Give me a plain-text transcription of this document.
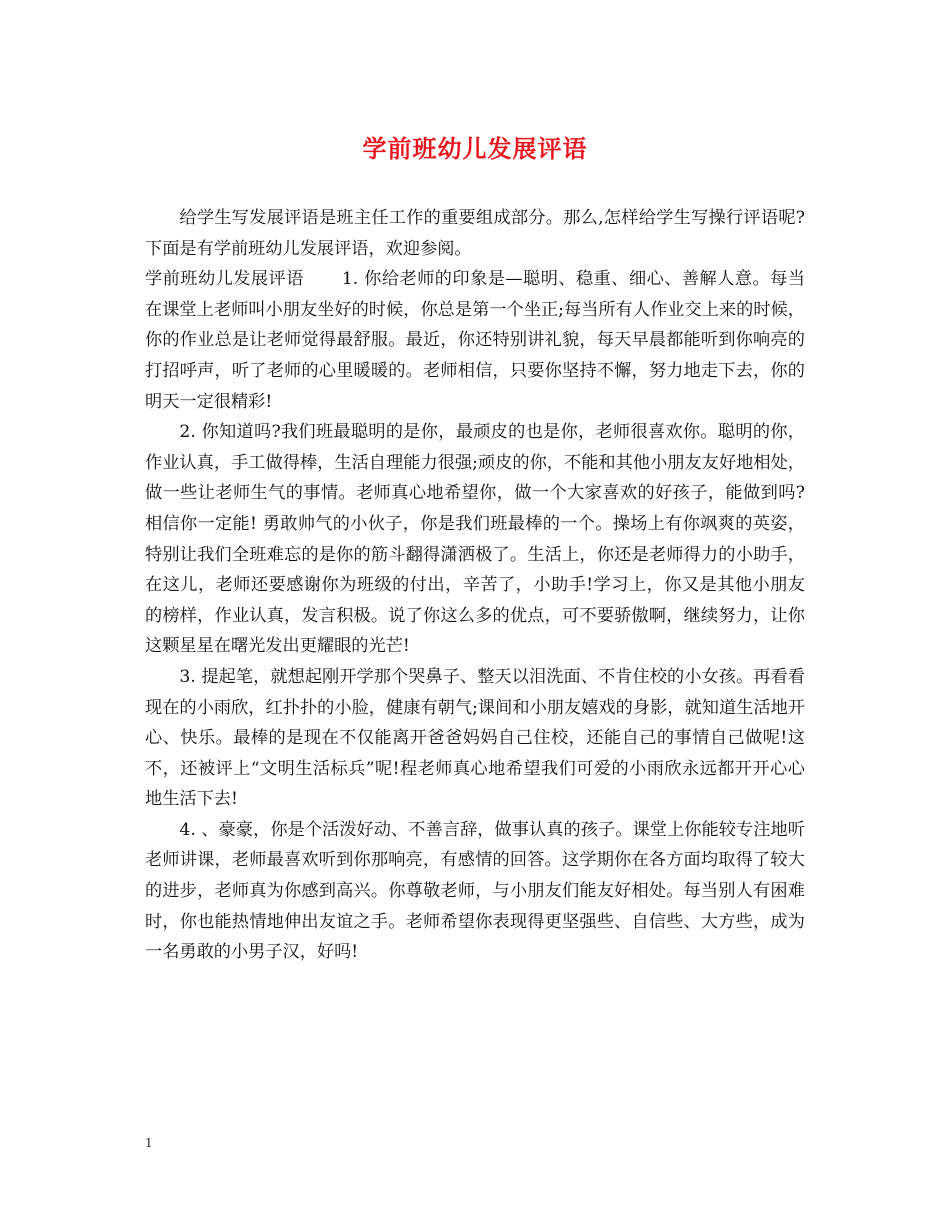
学前班幼儿发展评语

给学生写发展评语是班主任工作的重要组成部分。那么,怎样给学生写操行评语呢?下面是有学前班幼儿发展评语，欢迎参阅。

学前班幼儿发展评语 1. 你给老师的印象是—聪明、稳重、细心、善解人意。每当在课堂上老师叫小朋友坐好的时候，你总是第一个坐正;每当所有人作业交上来的时候，你的作业总是让老师觉得最舒服。最近，你还特别讲礼貌，每天早晨都能听到你响亮的打招呼声，听了老师的心里暖暖的。老师相信，只要你坚持不懈，努力地走下去，你的明天一定很精彩!

2. 你知道吗?我们班最聪明的是你，最顽皮的也是你，老师很喜欢你。聪明的你，作业认真，手工做得棒，生活自理能力很强;顽皮的你，不能和其他小朋友友好地相处，做一些让老师生气的事情。老师真心地希望你，做一个大家喜欢的好孩子，能做到吗?相信你一定能! 勇敢帅气的小伙子，你是我们班最棒的一个。操场上有你飒爽的英姿，特别让我们全班难忘的是你的筋斗翻得潇洒极了。生活上，你还是老师得力的小助手，在这儿，老师还要感谢你为班级的付出，辛苦了，小助手!学习上，你又是其他小朋友的榜样，作业认真，发言积极。说了你这么多的优点，可不要骄傲啊，继续努力，让你这颗星星在曙光发出更耀眼的光芒!

3. 提起笔，就想起刚开学那个哭鼻子、整天以泪洗面、不肯住校的小女孩。再看看现在的小雨欣，红扑扑的小脸，健康有朝气;课间和小朋友嬉戏的身影，就知道生活地开心、快乐。最棒的是现在不仅能离开爸爸妈妈自己住校，还能自己的事情自己做呢!这不，还被评上“文明生活标兵”呢!程老师真心地希望我们可爱的小雨欣永远都开开心心地生活下去!

4. 、豪豪，你是个活泼好动、不善言辞，做事认真的孩子。课堂上你能较专注地听老师讲课，老师最喜欢听到你那响亮，有感情的回答。这学期你在各方面均取得了较大的进步，老师真为你感到高兴。你尊敬老师，与小朋友们能友好相处。每当别人有困难时，你也能热情地伸出友谊之手。老师希望你表现得更坚强些、自信些、大方些，成为一名勇敢的小男子汉，好吗!

1
